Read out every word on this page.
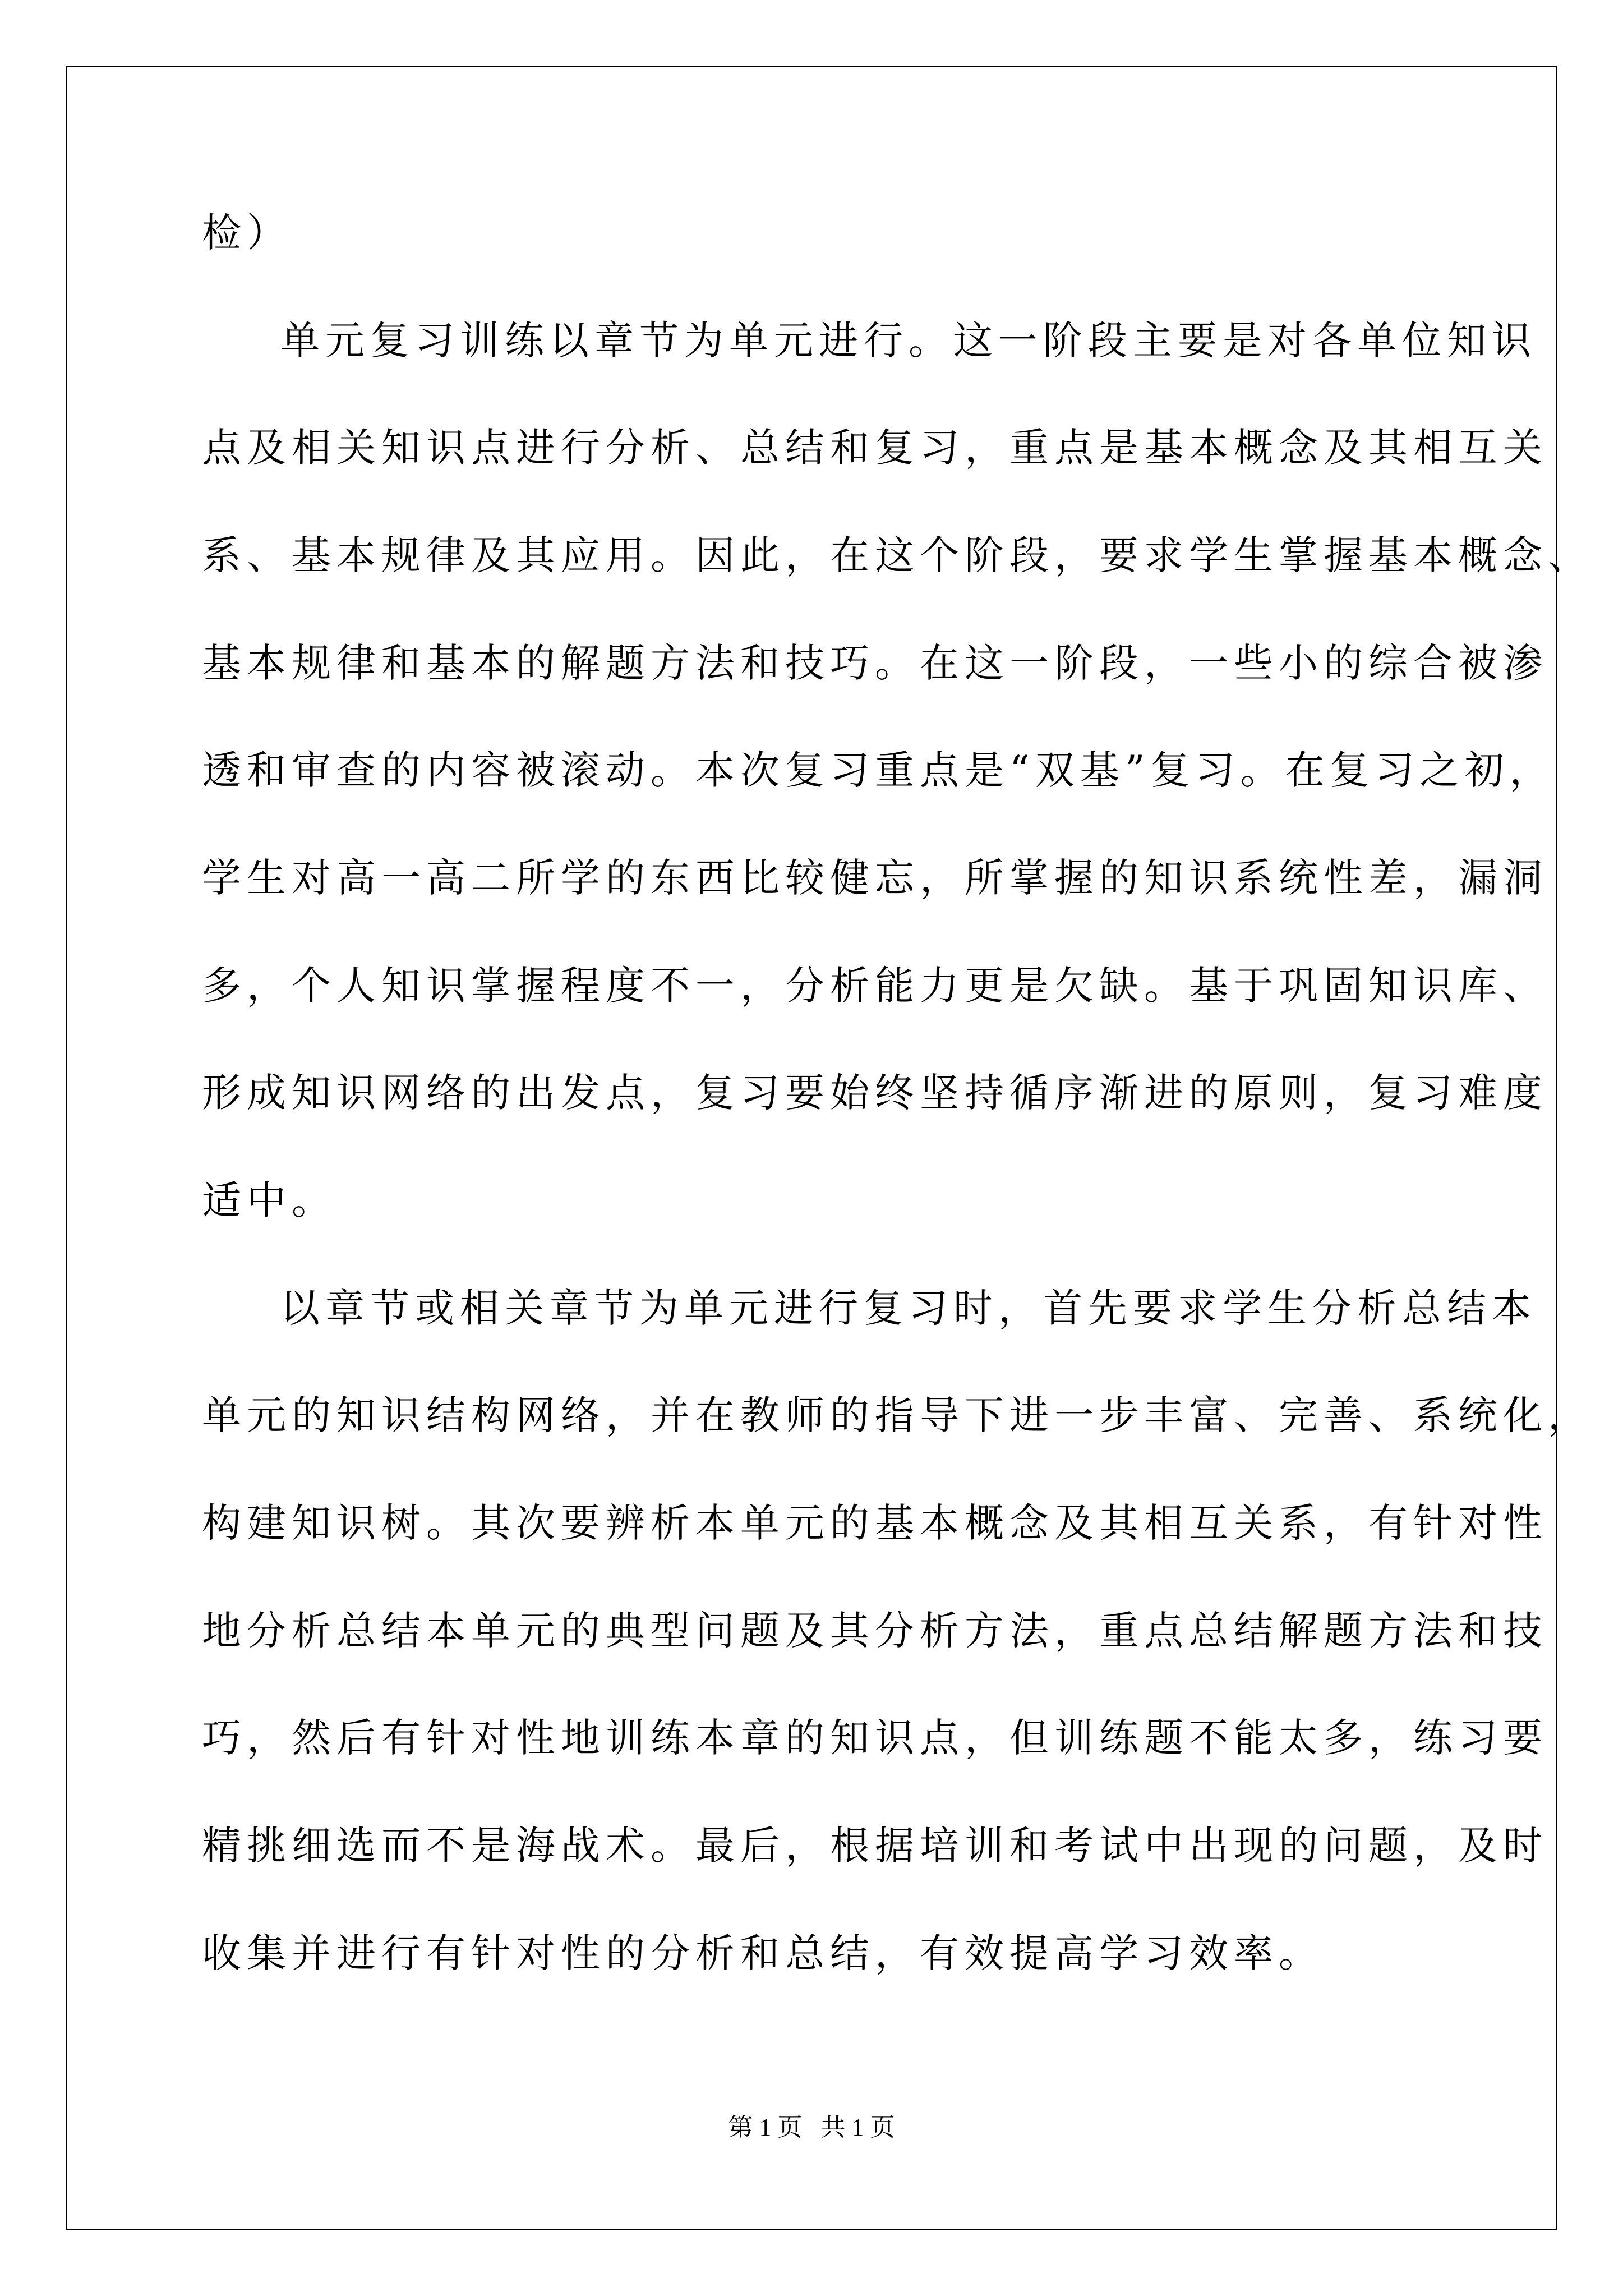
检）
单元复习训练以章节为单元进行。这一阶段主要是对各单位知识
点及相关知识点进行分析、总结和复习，重点是基本概念及其相互关
系、基本规律及其应用。因此，在这个阶段，要求学生掌握基本概念、
基本规律和基本的解题方法和技巧。在这一阶段，一些小的综合被渗
透和审查的内容被滚动。本次复习重点是“双基”复习。在复习之初，
学生对高一高二所学的东西比较健忘，所掌握的知识系统性差，漏洞
多，个人知识掌握程度不一，分析能力更是欠缺。基于巩固知识库、
形成知识网络的出发点，复习要始终坚持循序渐进的原则，复习难度
适中。
以章节或相关章节为单元进行复习时，首先要求学生分析总结本
单元的知识结构网络，并在教师的指导下进一步丰富、完善、系统化，
构建知识树。其次要辨析本单元的基本概念及其相互关系，有针对性
地分析总结本单元的典型问题及其分析方法，重点总结解题方法和技
巧，然后有针对性地训练本章的知识点，但训练题不能太多，练习要
精挑细选而不是海战术。最后，根据培训和考试中出现的问题，及时
收集并进行有针对性的分析和总结，有效提高学习效率。
第 1 页   共 1 页
